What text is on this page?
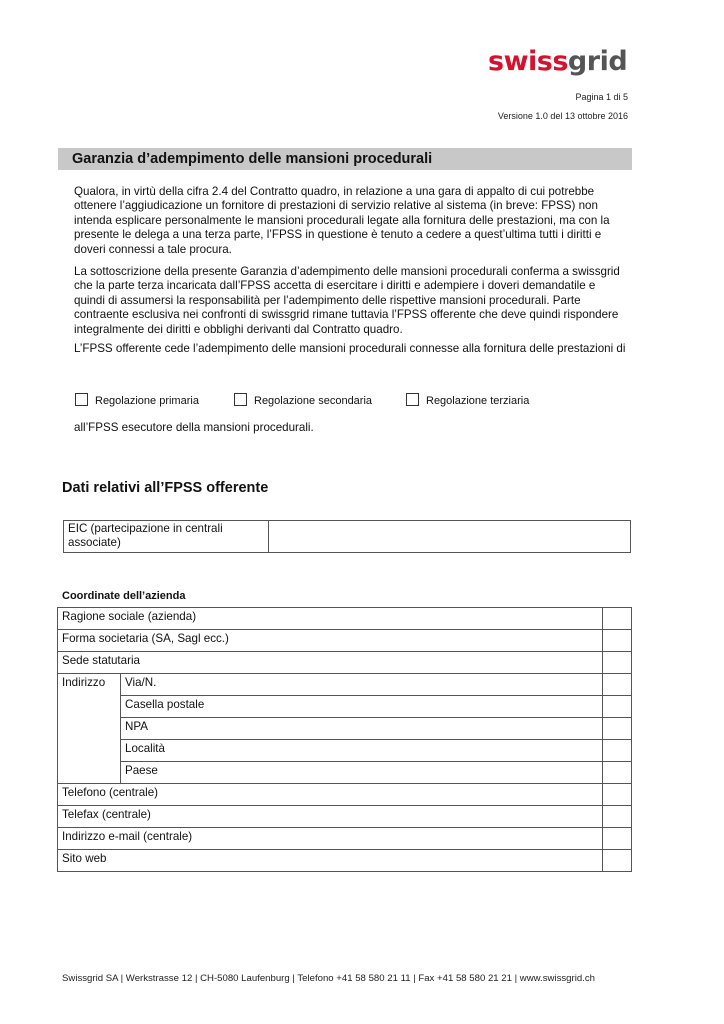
swissgrid
Pagina 1 di 5
Versione 1.0 del 13 ottobre 2016
Garanzia d’adempimento delle mansioni procedurali

Qualora, in virtù della cifra 2.4 del Contratto quadro, in relazione a una gara di appalto di cui potrebbe ottenere l’aggiudicazione un fornitore di prestazioni di servizio relative al sistema (in breve: FPSS) non intenda esplicare personalmente le mansioni procedurali legate alla fornitura delle prestazioni, ma con la presente le delega a una terza parte, l’FPSS in questione è tenuto a cedere a quest’ultima tutti i diritti e doveri connessi a tale procura.

La sottoscrizione della presente Garanzia d’adempimento delle mansioni procedurali conferma a swissgrid che la parte terza incaricata dall’FPSS accetta di esercitare i diritti e adempiere i doveri demandatile e quindi di assumersi la responsabilità per l’adempimento delle rispettive mansioni procedurali. Parte contraente esclusiva nei confronti di swissgrid rimane tuttavia l’FPSS offerente che deve quindi rispondere integralmente dei diritti e obblighi derivanti dal Contratto quadro.

L’FPSS offerente cede l’adempimento delle mansioni procedurali connesse alla fornitura delle prestazioni di

Regolazione primaria	Regolazione secondaria	Regolazione terziaria

all’FPSS esecutore della mansioni procedurali.

Dati relativi all’FPSS offerente
EIC (partecipazione in centrali associate)	
Coordinate dell’azienda
Ragione sociale (azienda)		
Forma societaria (SA, Sagl ecc.)		
Sede statutaria		
Indirizzo	Via/N.	
	Casella postale	
	NPA	
	Località	
	Paese	
Telefono (centrale)		
Telefax (centrale)		
Indirizzo e-mail (centrale)		
Sito web		
Swissgrid SA | Werkstrasse 12 | CH-5080 Laufenburg | Telefono +41 58 580 21 11 | Fax +41 58 580 21 21 | www.swissgrid.ch
